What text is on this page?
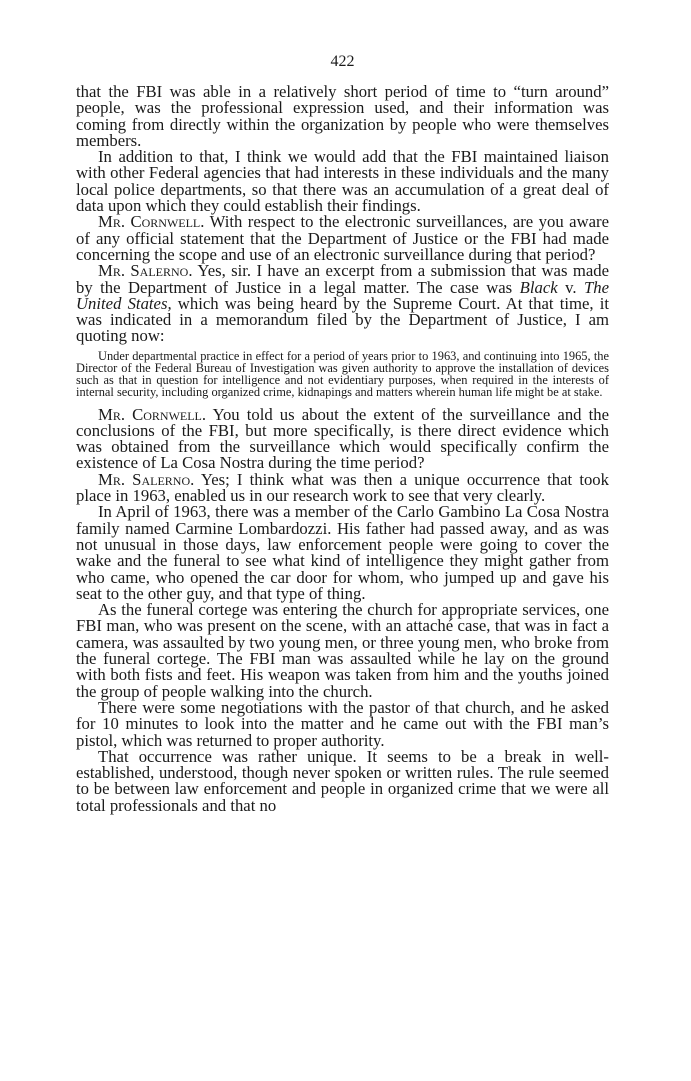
422

that the FBI was able in a relatively short period of time to “turn around” people, was the professional expression used, and their information was coming from directly within the organization by people who were themselves members.

In addition to that, I think we would add that the FBI maintained liaison with other Federal agencies that had interests in these individuals and the many local police departments, so that there was an accumulation of a great deal of data upon which they could establish their findings.

Mr. Cornwell. With respect to the electronic surveillances, are you aware of any official statement that the Department of Justice or the FBI had made concerning the scope and use of an electronic surveillance during that period?

Mr. Salerno. Yes, sir. I have an excerpt from a submission that was made by the Department of Justice in a legal matter. The case was Black v. The United States, which was being heard by the Supreme Court. At that time, it was indicated in a memorandum filed by the Department of Justice, I am quoting now:

Under departmental practice in effect for a period of years prior to 1963, and continuing into 1965, the Director of the Federal Bureau of Investigation was given authority to approve the installation of devices such as that in question for intelligence and not evidentiary purposes, when required in the interests of internal security, including organized crime, kidnapings and matters wherein human life might be at stake.

Mr. Cornwell. You told us about the extent of the surveillance and the conclusions of the FBI, but more specifically, is there direct evidence which was obtained from the surveillance which would specifically confirm the existence of La Cosa Nostra during the time period?

Mr. Salerno. Yes; I think what was then a unique occurrence that took place in 1963, enabled us in our research work to see that very clearly.

In April of 1963, there was a member of the Carlo Gambino La Cosa Nostra family named Carmine Lombardozzi. His father had passed away, and as was not unusual in those days, law enforcement people were going to cover the wake and the funeral to see what kind of intelligence they might gather from who came, who opened the car door for whom, who jumped up and gave his seat to the other guy, and that type of thing.

As the funeral cortege was entering the church for appropriate services, one FBI man, who was present on the scene, with an attaché case, that was in fact a camera, was assaulted by two young men, or three young men, who broke from the funeral cortege. The FBI man was assaulted while he lay on the ground with both fists and feet. His weapon was taken from him and the youths joined the group of people walking into the church.

There were some negotiations with the pastor of that church, and he asked for 10 minutes to look into the matter and he came out with the FBI man’s pistol, which was returned to proper authority.

That occurrence was rather unique. It seems to be a break in well-established, understood, though never spoken or written rules. The rule seemed to be between law enforcement and people in organized crime that we were all total professionals and that no
